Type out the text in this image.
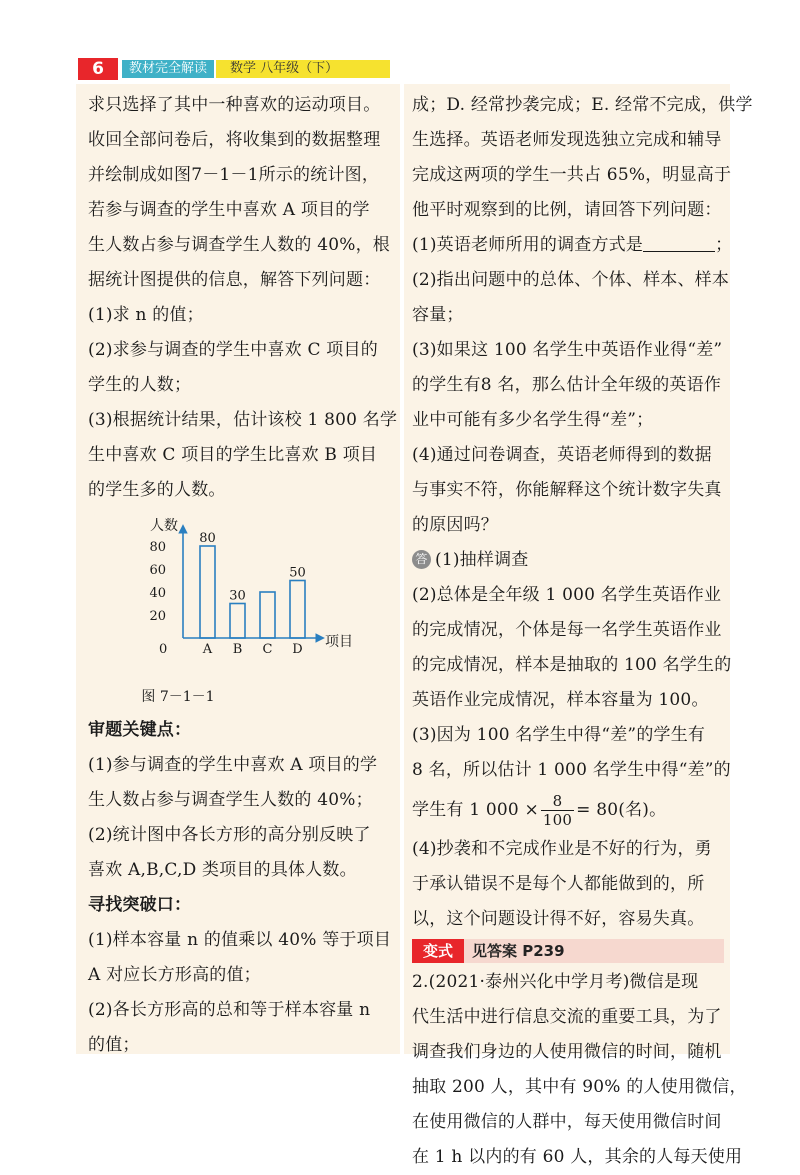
6	教材完全解读	数学 八年级（下）

求只选择了其中一种喜欢的运动项目。

收回全部问卷后，将收集到的数据整理

并绘制成如图7－1－1所示的统计图，

若参与调查的学生中喜欢 A 项目的学

生人数占参与调查学生人数的 40%，根

据统计图提供的信息，解答下列问题：

(1)求 n 的值；

(2)求参与调查的学生中喜欢 C 项目的

学生的人数；

(3)根据统计结果，估计该校 1 800 名学

生中喜欢 C 项目的学生比喜欢 B 项目

的学生多的人数。

人数
项目
0
80
60
40
20
A
80
B
30
C D
50
图 7－1－1

审题关键点：

(1)参与调查的学生中喜欢 A 项目的学

生人数占参与调查学生人数的 40%；

(2)统计图中各长方形的高分别反映了

喜欢 A,B,C,D 类项目的具体人数。

寻找突破口：

(1)样本容量 n 的值乘以 40% 等于项目

A 对应长方形高的值；

(2)各长方形高的总和等于样本容量 n

的值；

成；D. 经常抄袭完成；E. 经常不完成，供学

生选择。英语老师发现选独立完成和辅导

完成这两项的学生一共占 65%，明显高于

他平时观察到的比例，请回答下列问题：

(1)英语老师所用的调查方式是	；

(2)指出问题中的总体、个体、样本、样本

容量；

(3)如果这 100 名学生中英语作业得“差”

的学生有8 名，那么估计全年级的英语作

业中可能有多少名学生得“差”；

(4)通过问卷调查，英语老师得到的数据

与事实不符，你能解释这个统计数字失真

的原因吗？

答 (1)抽样调查

(2)总体是全年级 1 000 名学生英语作业

的完成情况，个体是每一名学生英语作业

的完成情况，样本是抽取的 100 名学生的

英语作业完成情况，样本容量为 100。

(3)因为 100 名学生中得“差”的学生有

8 名，所以估计 1 000 名学生中得“差”的

学生有 1 $000 \times \frac{8}{100} = 80$(名)。

(4)抄袭和不完成作业是不好的行为，勇

于承认错误不是每个人都能做到的，所

以，这个问题设计得不好，容易失真。

变式	见答案 P239

2.(2021·泰州兴化中学月考)微信是现

代生活中进行信息交流的重要工具，为了

调查我们身边的人使用微信的时间，随机

抽取 200 人，其中有 90% 的人使用微信，

在使用微信的人群中，每天使用微信时间

在 1 h 以内的有 60 人，其余的人每天使用
